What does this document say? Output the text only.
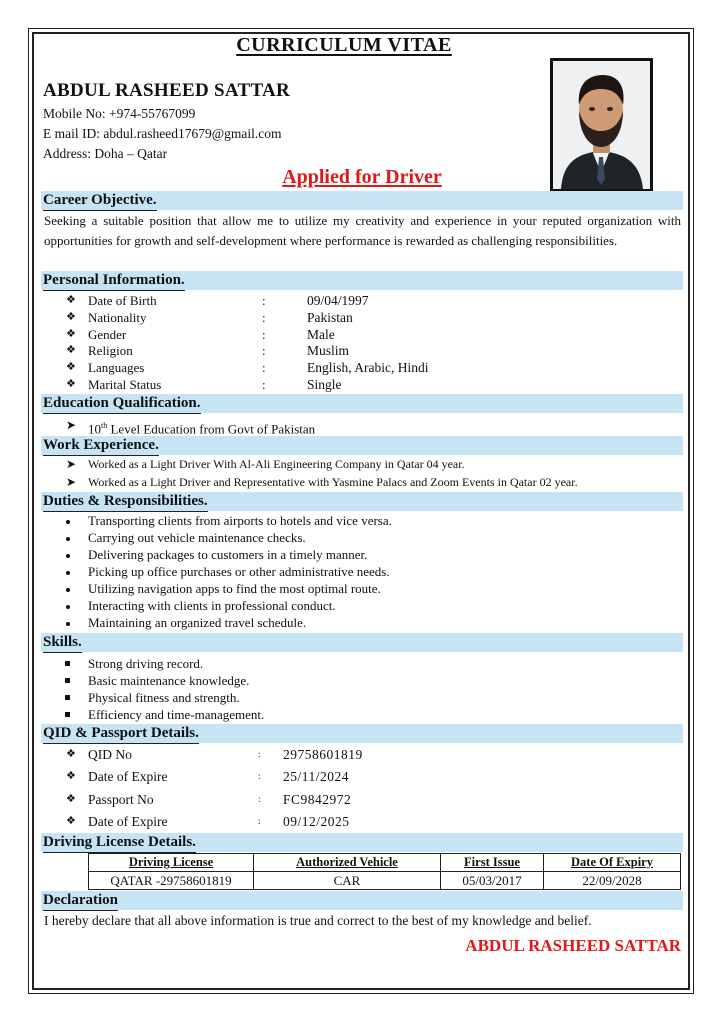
CURRICULUM VITAE
ABDUL RASHEED SATTAR
Mobile No: +974-55767099
E mail ID: abdul.rasheed17679@gmail.com
Address: Doha – Qatar
Applied for Driver
Career Objective.
Seeking a suitable position that allow me to utilize my creativity and experience in your reputed organization with opportunities for growth and self-development where performance is rewarded as challenging responsibilities.
Personal Information.
❖ Date of Birth	:	09/04/1997
❖ Nationality	:	Pakistan
❖ Gender	:	Male
❖ Religion	:	Muslim
❖ Languages	:	English, Arabic, Hindi
❖ Marital Status	:	Single
Education Qualification.
➤ 10th Level Education from Govt of Pakistan
Work Experience.
➤ Worked as a Light Driver With Al-Ali Engineering Company in Qatar 04 year.
➤ Worked as a Light Driver and Representative with Yasmine Palacs and Zoom Events in Qatar 02 year.
Duties & Responsibilities.
Transporting clients from airports to hotels and vice versa.
Carrying out vehicle maintenance checks.
Delivering packages to customers in a timely manner.
Picking up office purchases or other administrative needs.
Utilizing navigation apps to find the most optimal route.
Interacting with clients in professional conduct.
Maintaining an organized travel schedule.
Skills.
Strong driving record.
Basic maintenance knowledge.
Physical fitness and strength.
Efficiency and time-management.
QID & Passport Details.
❖ QID No	: 29758601819
❖ Date of Expire	: 25/11/2024
❖ Passport No	: FC9842972
❖ Date of Expire	: 09/12/2025
Driving License Details.
Driving License	Authorized Vehicle	First Issue	Date Of Expiry
QATAR -29758601819	CAR	05/03/2017	22/09/2028
Declaration
I hereby declare that all above information is true and correct to the best of my knowledge and belief.
ABDUL RASHEED SATTAR
